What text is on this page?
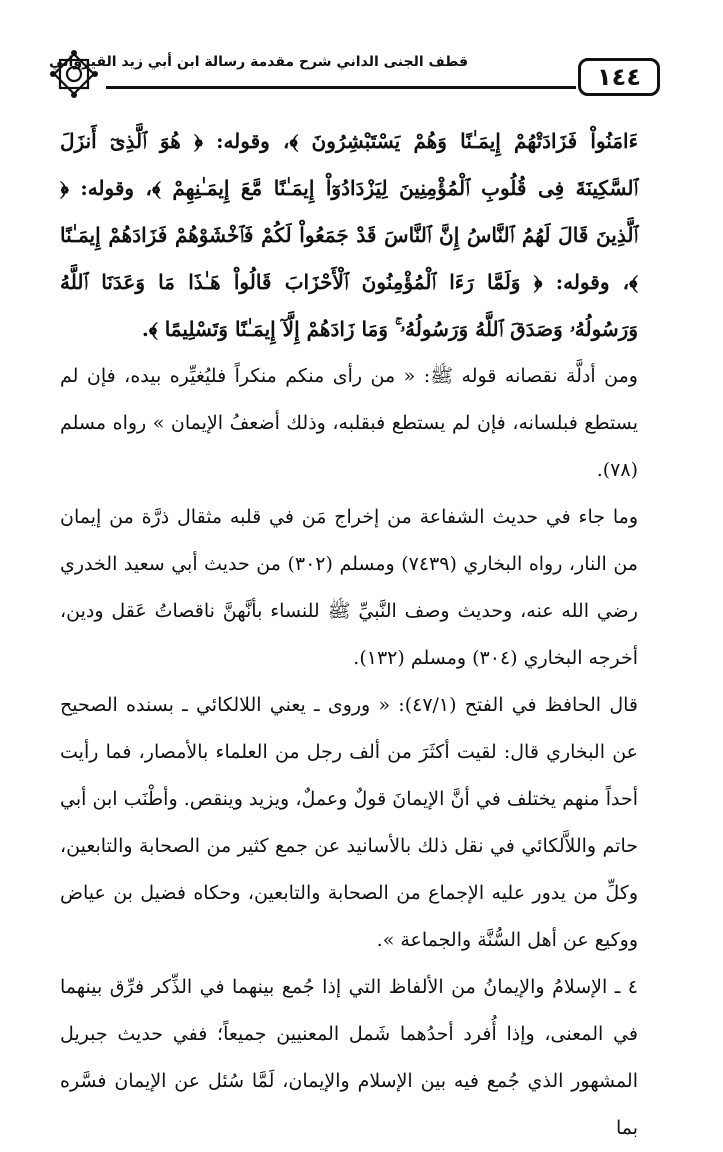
قطف الجنى الداني شرح مقدمة رسالة ابن أبي زيد القيرواني
١٤٤

ءَامَنُواْ فَزَادَتْهُمْ إِيمَـٰنًا وَهُمْ يَسْتَبْشِرُونَ ﴾، وقوله: ﴿ هُوَ ٱلَّذِىٓ أَنزَلَ ٱلسَّكِينَةَ فِى قُلُوبِ ٱلْمُؤْمِنِينَ لِيَزْدَادُوٓاْ إِيمَـٰنًا مَّعَ إِيمَـٰنِهِمْ ﴾، وقوله: ﴿ ٱلَّذِينَ قَالَ لَهُمُ ٱلنَّاسُ إِنَّ ٱلنَّاسَ قَدْ جَمَعُواْ لَكُمْ فَٱخْشَوْهُمْ فَزَادَهُمْ إِيمَـٰنًا ﴾، وقوله: ﴿ وَلَمَّا رَءَا ٱلْمُؤْمِنُونَ ٱلْأَحْزَابَ قَالُواْ هَـٰذَا مَا وَعَدَنَا ٱللَّهُ وَرَسُولُهُۥ وَصَدَقَ ٱللَّهُ وَرَسُولُهُۥ ۚ وَمَا زَادَهُمْ إِلَّآ إِيمَـٰنًا وَتَسْلِيمًا ﴾.

ومن أدلَّة نقصانه قوله ﷺ: « من رأى منكم منكراً فليُغيِّره بيده، فإن لم يستطع فبلسانه، فإن لم يستطع فبقلبه، وذلك أضعفُ الإيمان » رواه مسلم (٧٨).

وما جاء في حديث الشفاعة من إخراج مَن في قلبه مثقال ذرَّة من إيمان من النار، رواه البخاري (٧٤٣٩) ومسلم (٣٠٢) من حديث أبي سعيد الخدري رضي الله عنه، وحديث وصف النَّبيِّ ﷺ للنساء بأنَّهنَّ ناقصاتُ عَقل ودين، أخرجه البخاري (٣٠٤) ومسلم (١٣٢).

قال الحافظ في الفتح (٤٧/١): « وروى ـ يعني اللالكائي ـ بسنده الصحيح عن البخاري قال: لقيت أكثَرَ من ألف رجل من العلماء بالأمصار، فما رأيت أحداً منهم يختلف في أنَّ الإيمانَ قولٌ وعملٌ، ويزيد وينقص. وأطْنَب ابن أبي حاتم واللاَّلكائي في نقل ذلك بالأسانيد عن جمع كثير من الصحابة والتابعين، وكلِّ من يدور عليه الإجماع من الصحابة والتابعين، وحكاه فضيل بن عياض ووكيع عن أهل السُّنَّة والجماعة ».

٤ ـ الإسلامُ والإيمانُ من الألفاظ التي إذا جُمع بينهما في الذِّكر فرِّق بينهما في المعنى، وإذا أُفرد أحدُهما شَمل المعنيين جميعاً؛ ففي حديث جبريل المشهور الذي جُمع فيه بين الإسلام والإيمان، لَمَّا سُئل عن الإيمان فسَّره بما
